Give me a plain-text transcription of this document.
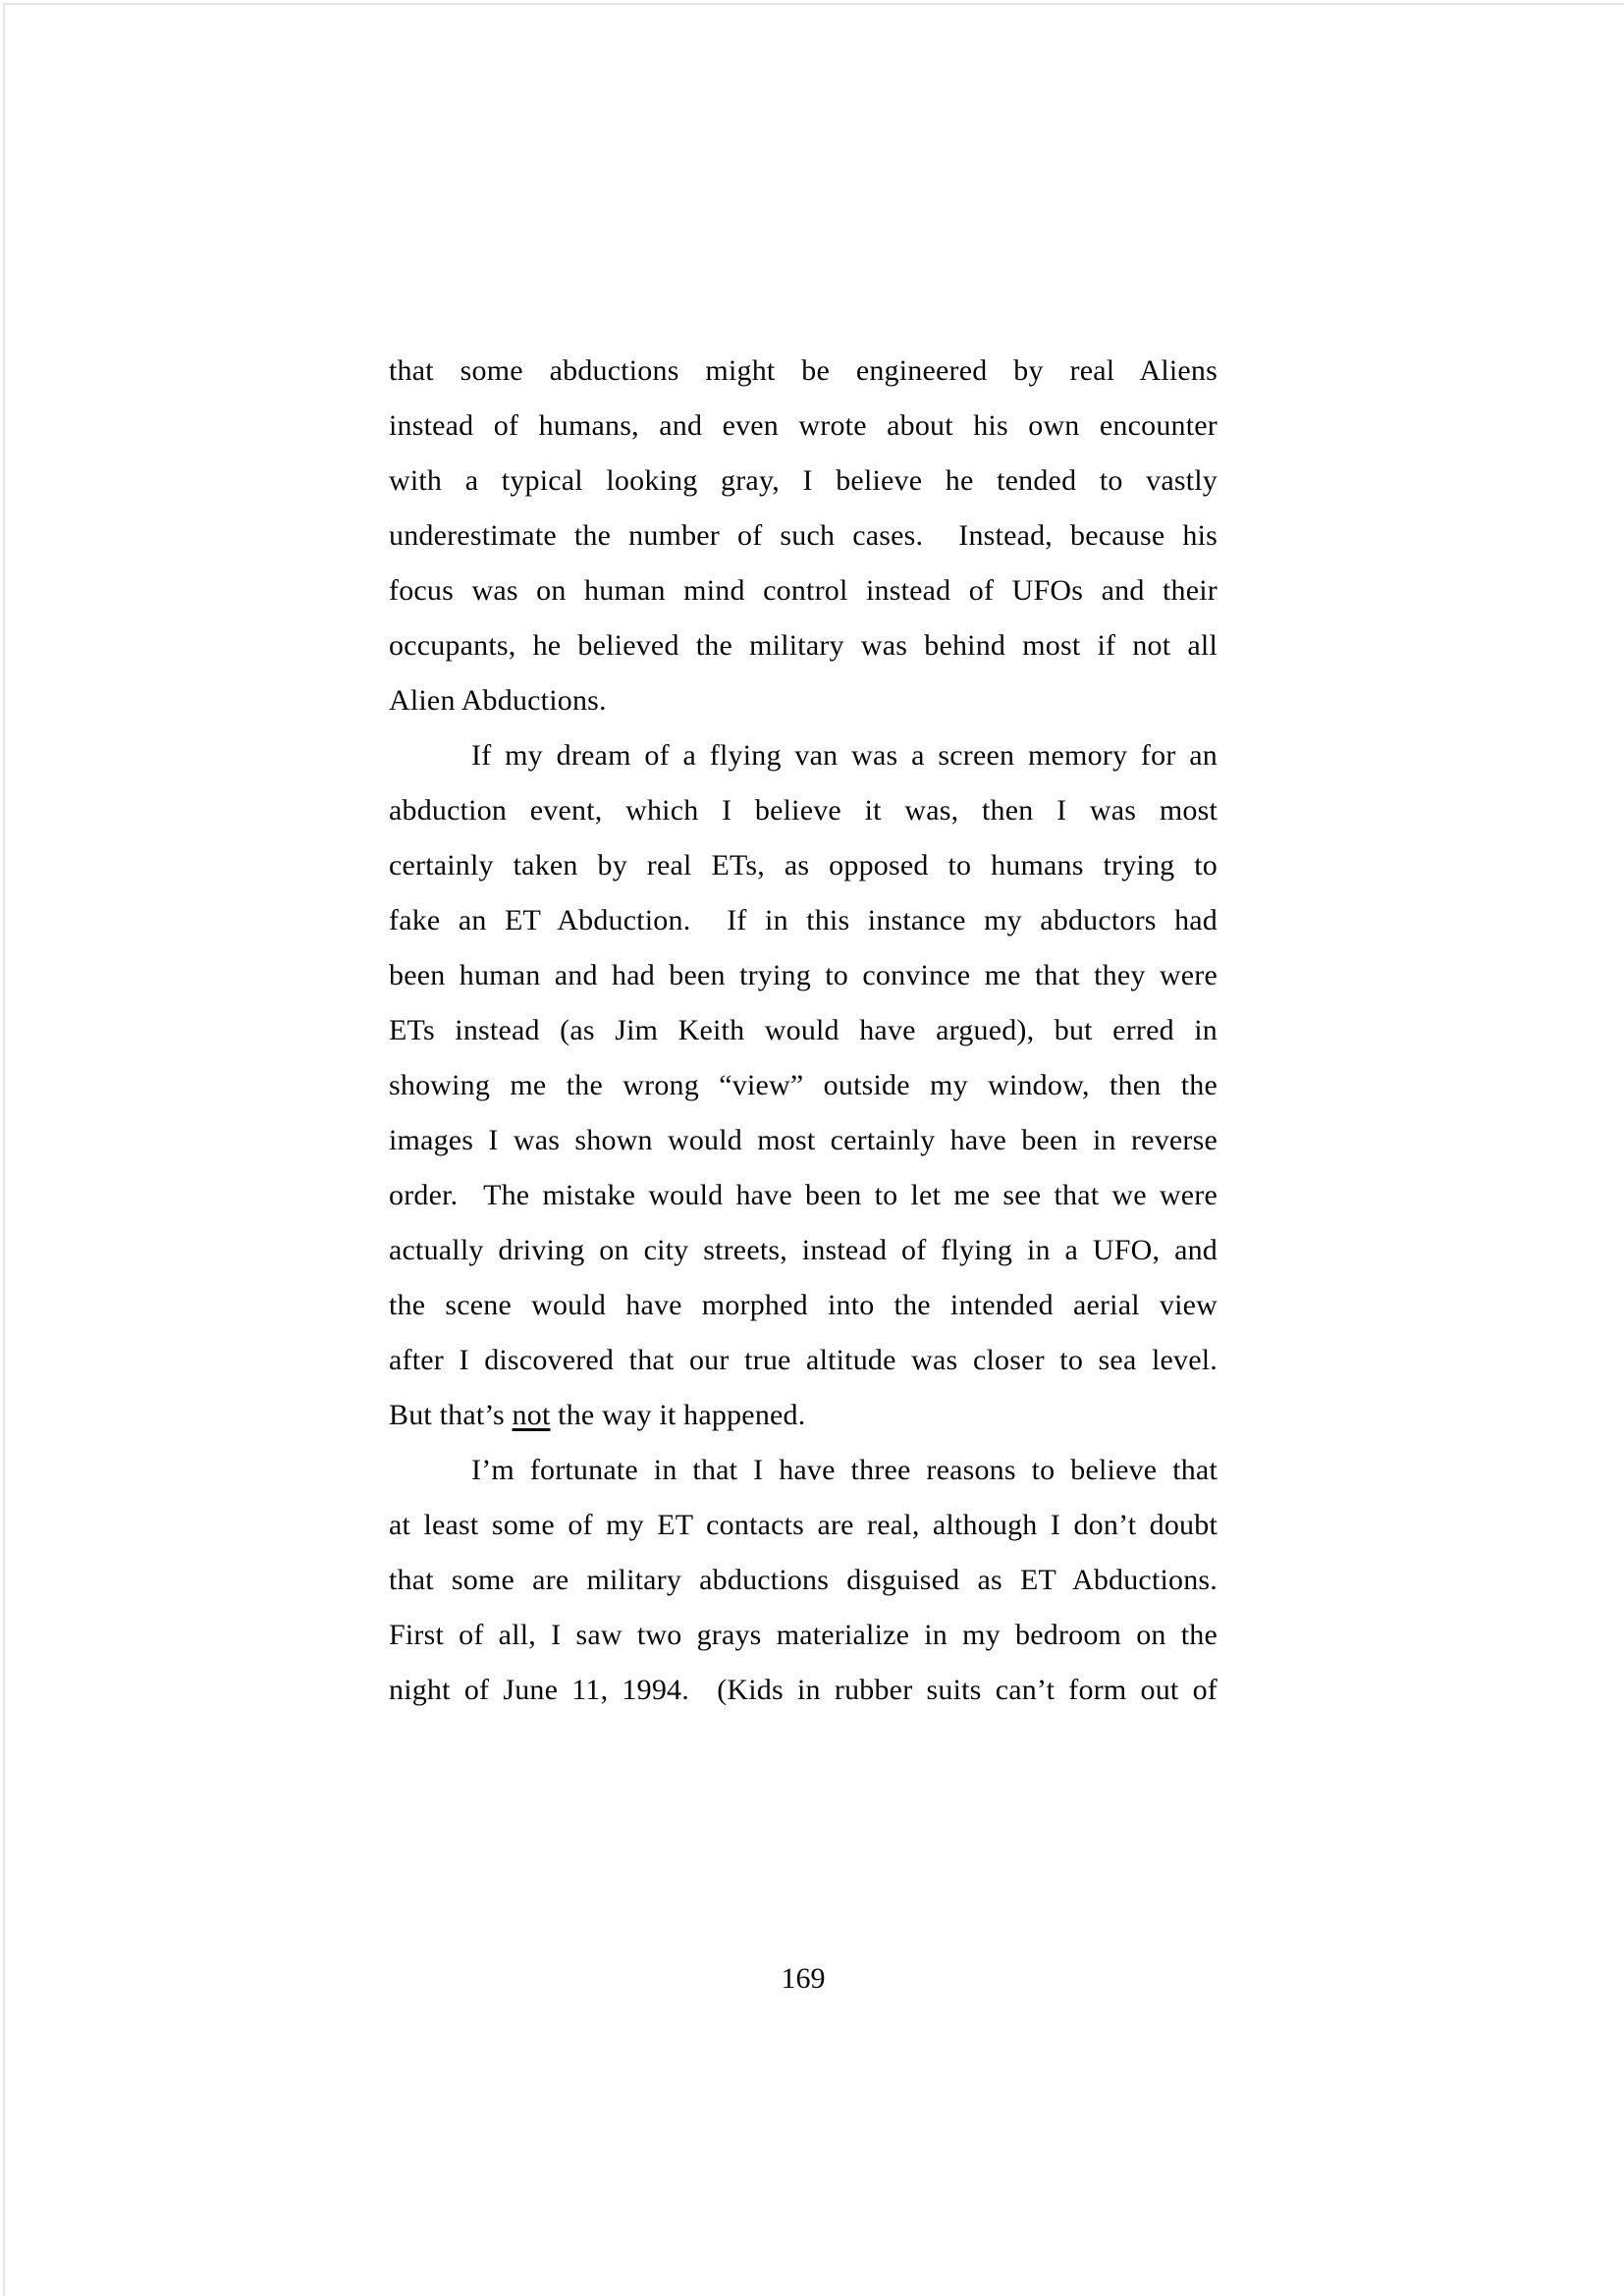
that some abductions might be engineered by real Aliens
instead of humans, and even wrote about his own encounter
with a typical looking gray, I believe he tended to vastly
underestimate the number of such cases.  Instead, because his
focus was on human mind control instead of UFOs and their
occupants, he believed the military was behind most if not all
Alien Abductions.
If my dream of a flying van was a screen memory for an
abduction event, which I believe it was, then I was most
certainly taken by real ETs, as opposed to humans trying to
fake an ET Abduction.  If in this instance my abductors had
been human and had been trying to convince me that they were
ETs instead (as Jim Keith would have argued), but erred in
showing me the wrong “view” outside my window, then the
images I was shown would most certainly have been in reverse
order.  The mistake would have been to let me see that we were
actually driving on city streets, instead of flying in a UFO, and
the scene would have morphed into the intended aerial view
after I discovered that our true altitude was closer to sea level.
But that’s not the way it happened.
I’m fortunate in that I have three reasons to believe that
at least some of my ET contacts are real, although I don’t doubt
that some are military abductions disguised as ET Abductions.
First of all, I saw two grays materialize in my bedroom on the
night of June 11, 1994.  (Kids in rubber suits can’t form out of
169
